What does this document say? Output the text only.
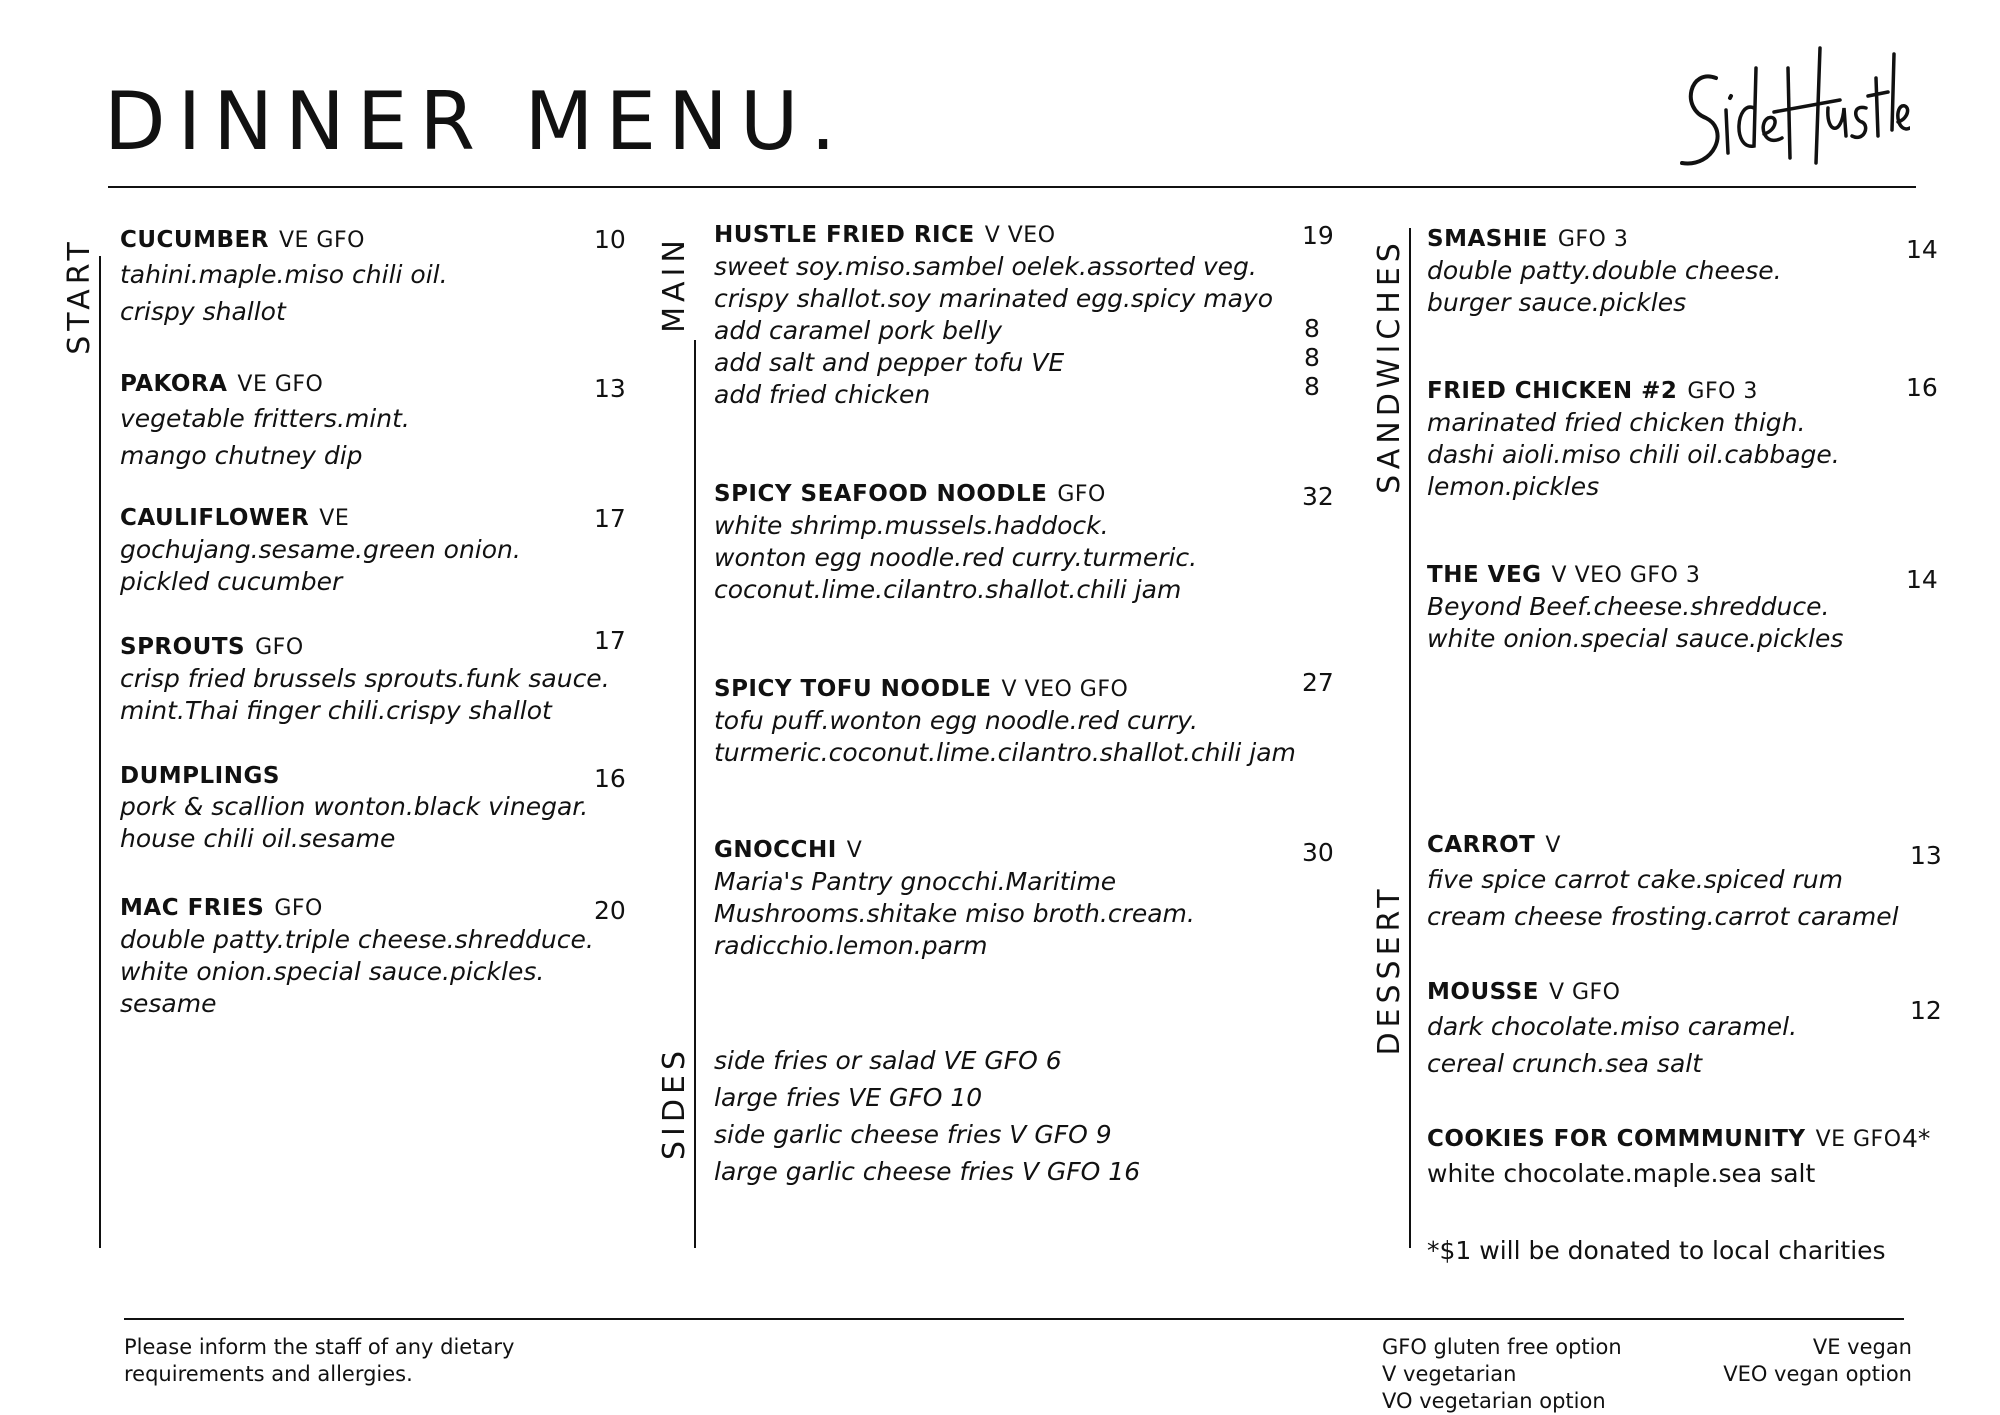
DINNER MENU.
START	MAIN
SIDES
SANDWICHES
DESSERT
CUCUMBER VE GFO
tahini.maple.miso chili oil.
crispy shallot
10
PAKORA VE GFO
vegetable fritters.mint.
mango chutney dip
13
CAULIFLOWER VE
gochujang.sesame.green onion.
pickled cucumber
17
SPROUTS GFO
crisp fried brussels sprouts.funk sauce.
mint.Thai finger chili.crispy shallot
17
DUMPLINGS
pork & scallion wonton.black vinegar.
house chili oil.sesame
16
MAC FRIES GFO
double patty.triple cheese.shredduce.
white onion.special sauce.pickles.
sesame
20
HUSTLE FRIED RICE V VEO
sweet soy.miso.sambel oelek.assorted veg.
crispy shallot.soy marinated egg.spicy mayo
add caramel pork belly
add salt and pepper tofu VE
add fried chicken
19
8
8
8
SPICY SEAFOOD NOODLE GFO
white shrimp.mussels.haddock.
wonton egg noodle.red curry.turmeric.
coconut.lime.cilantro.shallot.chili jam
32
SPICY TOFU NOODLE V VEO GFO
tofu puff.wonton egg noodle.red curry.
turmeric.coconut.lime.cilantro.shallot.chili jam
27
GNOCCHI V
Maria's Pantry gnocchi.Maritime
Mushrooms.shitake miso broth.cream.
radicchio.lemon.parm
30
side fries or salad VE GFO 6
large fries VE GFO 10
side garlic cheese fries V GFO 9
large garlic cheese fries V GFO 16
SMASHIE GFO 3
double patty.double cheese.
burger sauce.pickles
14
FRIED CHICKEN #2 GFO 3
marinated fried chicken thigh.
dashi aioli.miso chili oil.cabbage.
lemon.pickles
16
THE VEG V VEO GFO 3
Beyond Beef.cheese.shredduce.
white onion.special sauce.pickles
14
CARROT V
five spice carrot cake.spiced rum
cream cheese frosting.carrot caramel
13
MOUSSE V GFO
dark chocolate.miso caramel.
cereal crunch.sea salt
12
COOKIES FOR COMMMUNITY VE GFO
white chocolate.maple.sea salt
4*
*$1 will be donated to local charities
Please inform the staff of any dietary
requirements and allergies.
GFO gluten free option
V vegetarian
VO vegetarian option
VE vegan
VEO vegan option
